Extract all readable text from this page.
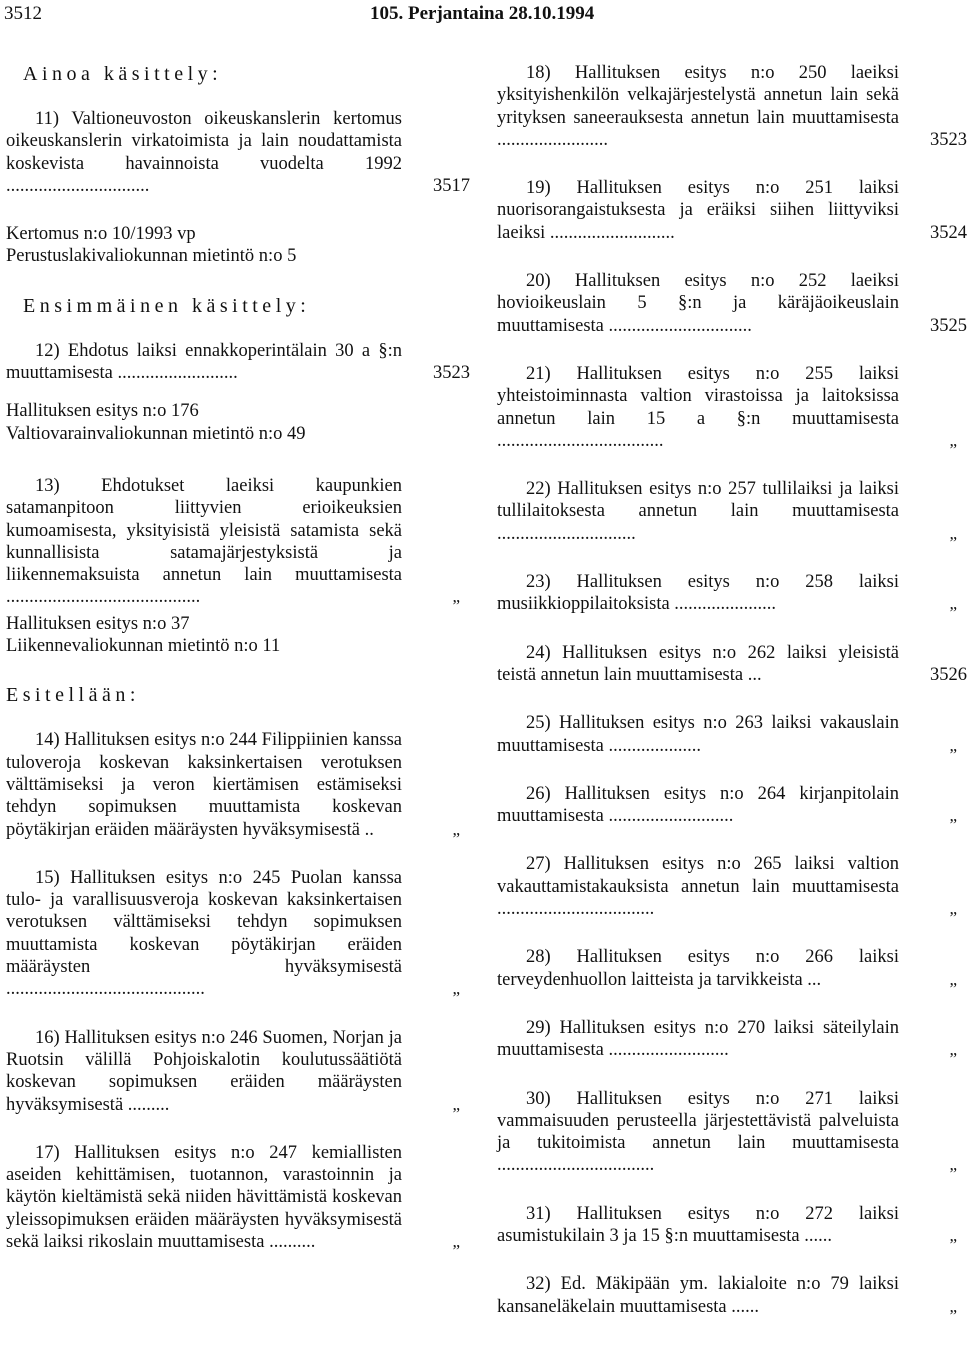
3512	105. Perjantaina 28.10.1994
Ainoa käsittely:
11) Valtioneuvoston oikeuskanslerin kertomus oikeuskanslerin virkatoimista ja lain noudattamista koskevista havainnoista vuodelta 1992 ...............................	3517
Kertomus n:o 10/1993 vp
Perustuslakivaliokunnan mietintö n:o 5
Ensimmäinen käsittely:
12) Ehdotus laiksi ennakkoperintälain 30 a §:n muuttamisesta ..........................	3523
Hallituksen esitys n:o 176
Valtiovarainvaliokunnan mietintö n:o 49
13) Ehdotukset laeiksi kaupunkien satamanpitoon liittyvien erioikeuksien kumoamisesta, yksityisistä yleisistä satamista sekä kunnallisista satamajärjestyksistä ja liikennemaksuista annetun lain muuttamisesta ..........................................	„
Hallituksen esitys n:o 37
Liikennevaliokunnan mietintö n:o 11
Esitellään:
14) Hallituksen esitys n:o 244 Filippiinien kanssa tuloveroja koskevan kaksinkertaisen verotuksen välttämiseksi ja veron kiertämisen estämiseksi tehdyn sopimuksen muuttamista koskevan pöytäkirjan eräiden määräysten hyväksymisestä ..	„
15) Hallituksen esitys n:o 245 Puolan kanssa tulo- ja varallisuusveroja koskevan kaksinkertaisen verotuksen välttämiseksi tehdyn sopimuksen muuttamista koskevan pöytäkirjan eräiden määräysten hyväksymisestä ...........................................	„
16) Hallituksen esitys n:o 246 Suomen, Norjan ja Ruotsin välillä Pohjoiskalotin koulutussäätiötä koskevan sopimuksen eräiden määräysten hyväksymisestä .........	„
17) Hallituksen esitys n:o 247 kemiallisten aseiden kehittämisen, tuotannon, varastoinnin ja käytön kieltämistä sekä niiden hävittämistä koskevan yleissopimuksen eräiden määräysten hyväksymisestä sekä laiksi rikoslain muuttamisesta ..........	„
18) Hallituksen esitys n:o 250 laeiksi yksityishenkilön velkajärjestelystä annetun lain sekä yrityksen saneerauksesta annetun lain muuttamisesta ........................	3523
19) Hallituksen esitys n:o 251 laiksi nuorisorangaistuksesta ja eräiksi siihen liittyviksi laeiksi ...........................	3524
20) Hallituksen esitys n:o 252 laeiksi hovioikeuslain 5 §:n ja käräjäoikeuslain muuttamisesta ...............................	3525
21) Hallituksen esitys n:o 255 laiksi yhteistoiminnasta valtion virastoissa ja laitoksissa annetun lain 15 a §:n muuttamisesta ....................................	„
22) Hallituksen esitys n:o 257 tullilaiksi ja laiksi tullilaitoksesta annetun lain muuttamisesta ..............................	„
23) Hallituksen esitys n:o 258 laiksi musiikkioppilaitoksista ......................	„
24) Hallituksen esitys n:o 262 laiksi yleisistä teistä annetun lain muuttamisesta ...	3526
25) Hallituksen esitys n:o 263 laiksi vakauslain muuttamisesta ....................	„
26) Hallituksen esitys n:o 264 kirjanpitolain muuttamisesta ...........................	„
27) Hallituksen esitys n:o 265 laiksi valtion vakauttamistakauksista annetun lain muuttamisesta ..................................	„
28) Hallituksen esitys n:o 266 laiksi terveydenhuollon laitteista ja tarvikkeista ...	„
29) Hallituksen esitys n:o 270 laiksi säteilylain muuttamisesta ..........................	„
30) Hallituksen esitys n:o 271 laiksi vammaisuuden perusteella järjestettävistä palveluista ja tukitoimista annetun lain muuttamisesta ..................................	„
31) Hallituksen esitys n:o 272 laiksi asumistukilain 3 ja 15 §:n muuttamisesta ......	„
32) Ed. Mäkipään ym. lakialoite n:o 79 laiksi kansaneläkelain muuttamisesta ......	„
